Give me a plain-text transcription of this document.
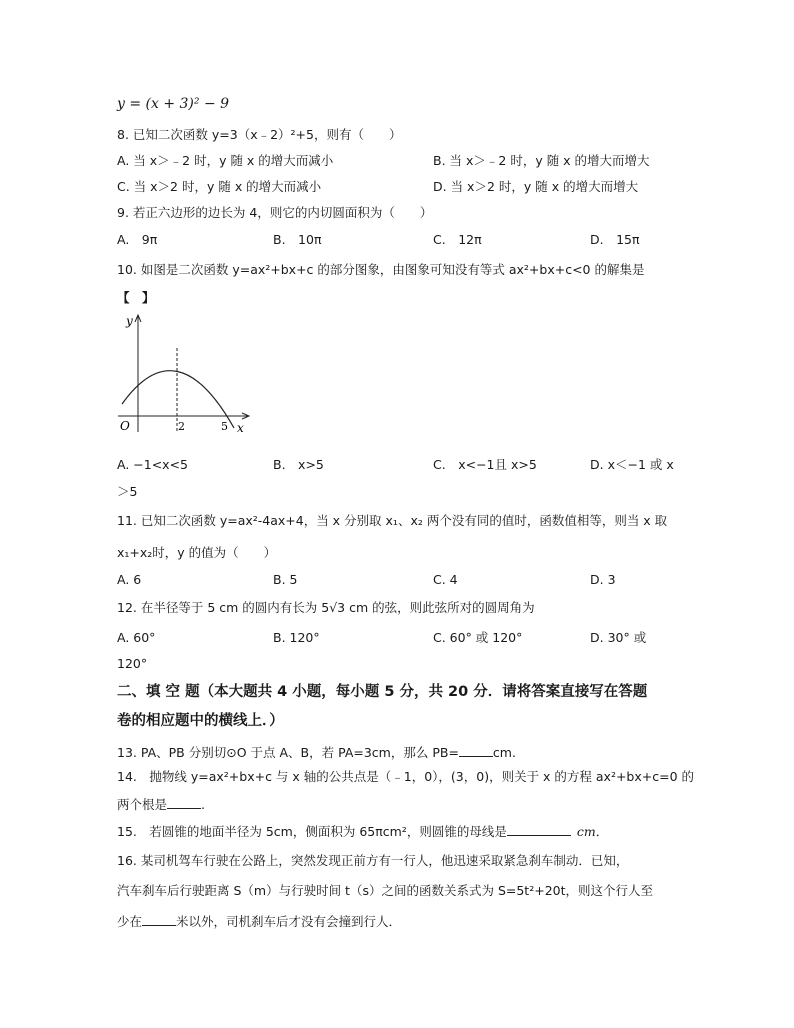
y = (x + 3)² − 9
8. 已知二次函数 y=3（x﹣2）²+5，则有（　　）
A. 当 x＞﹣2 时，y 随 x 的增大而减小	B. 当 x＞﹣2 时，y 随 x 的增大而增大
C. 当 x＞2 时，y 随 x 的增大而减小	D. 当 x＞2 时，y 随 x 的增大而增大
9. 若正六边形的边长为 4，则它的内切圆面积为（　　）
A.　9π	B.　10π	C.　12π	D.　15π
10. 如图是二次函数 y=ax²+bx+c 的部分图象，由图象可知没有等式 ax²+bx+c<0 的解集是
【　】
y
x
O	2	5
A. −1<x<5	B.　x>5	C.　x<−1且 x>5	D. x＜−1 或 x
＞5
11. 已知二次函数 y=ax²-4ax+4，当 x 分别取 x₁、x₂ 两个没有同的值时，函数值相等，则当 x 取
x₁+x₂时，y 的值为（　　）
A. 6	B. 5	C. 4	D. 3
12. 在半径等于 5 cm 的圆内有长为 5√3 cm 的弦，则此弦所对的圆周角为
A. 60°	B. 120°	C. 60° 或 120°	D. 30° 或
120°
二、填 空 题（本大题共 4 小题，每小题 5 分，共 20 分．请将答案直接写在答题
卷的相应题中的横线上．）
13. PA、PB 分别切⊙O 于点 A、B，若 PA=3cm，那么 PB=	cm.
14.　抛物线 y=ax²+bx+c 与 x 轴的公共点是（﹣1，0），(3，0)，则关于 x 的方程 ax²+bx+c=0 的
两个根是	.
15.　若圆锥的地面半径为 5cm，侧面积为 65πcm²，则圆锥的母线是	cm．
16. 某司机驾车行驶在公路上，突然发现正前方有一行人，他迅速采取紧急刹车制动．已知，
汽车刹车后行驶距离 S（m）与行驶时间 t（s）之间的函数关系式为 S=5t²+20t，则这个行人至
少在	米以外，司机刹车后才没有会撞到行人．
